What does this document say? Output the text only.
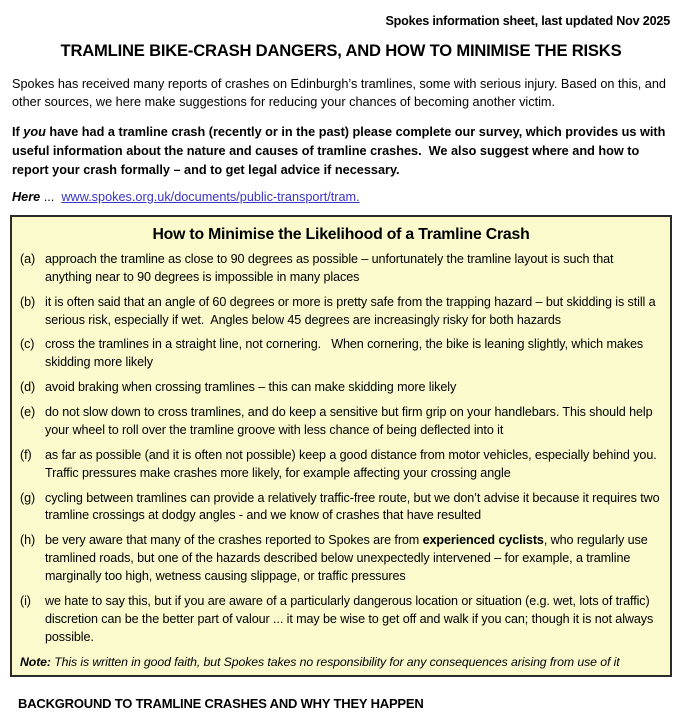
Spokes information sheet, last updated Nov 2025
TRAMLINE BIKE-CRASH DANGERS, AND HOW TO MINIMISE THE RISKS

Spokes has received many reports of crashes on Edinburgh’s tramlines, some with serious injury. Based on this, and other sources, we here make suggestions for reducing your chances of becoming another victim.

If you have had a tramline crash (recently or in the past) please complete our survey, which provides us with useful information about the nature and causes of tramline crashes.  We also suggest where and how to report your crash formally – and to get legal advice if necessary.

Here ...  www.spokes.org.uk/documents/public-transport/tram.

How to Minimise the Likelihood of a Tramline Crash
(a) approach the tramline as close to 90 degrees as possible – unfortunately the tramline layout is such that anything near to 90 degrees is impossible in many places
(b) it is often said that an angle of 60 degrees or more is pretty safe from the trapping hazard – but skidding is still a serious risk, especially if wet.  Angles below 45 degrees are increasingly risky for both hazards
(c) cross the tramlines in a straight line, not cornering.   When cornering, the bike is leaning slightly, which makes skidding more likely
(d) avoid braking when crossing tramlines – this can make skidding more likely
(e) do not slow down to cross tramlines, and do keep a sensitive but firm grip on your handlebars. This should help your wheel to roll over the tramline groove with less chance of being deflected into it
(f)	as far as possible (and it is often not possible) keep a good distance from motor vehicles, especially behind you.  Traffic pressures make crashes more likely, for example affecting your crossing angle
(g) cycling between tramlines can provide a relatively traffic-free route, but we don’t advise it because it requires two tramline crossings at dodgy angles - and we know of crashes that have resulted
(h) be very aware that many of the crashes reported to Spokes are from experienced cyclists, who regularly use tramlined roads, but one of the hazards described below unexpectedly intervened – for example, a tramline marginally too high, wetness causing slippage, or traffic pressures
(i)	we hate to say this, but if you are aware of a particularly dangerous location or situation (e.g. wet, lots of traffic) discretion can be the better part of valour ... it may be wise to get off and walk if you can; though it is not always possible.
Note: This is written in good faith, but Spokes takes no responsibility for any consequences arising from use of it
BACKGROUND TO TRAMLINE CRASHES AND WHY THEY HAPPEN
